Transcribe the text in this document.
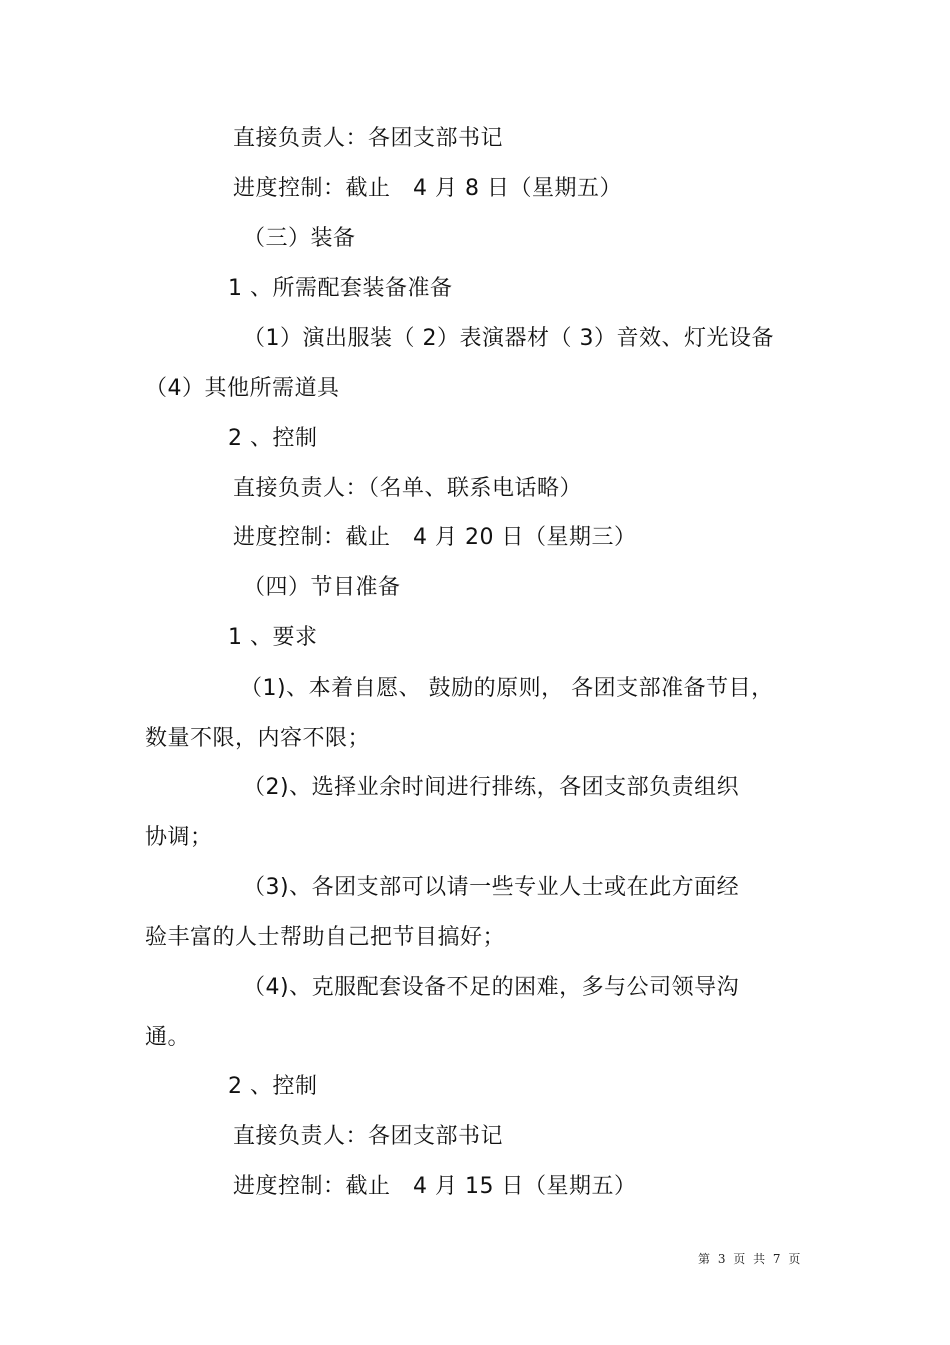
直接负责人：各团支部书记
进度控制：截止　4 月 8 日（星期五）
（三）装备
1 、所需配套装备准备
（1）演出服装（ 2）表演器材（ 3）音效、灯光设备
（4）其他所需道具
2 、控制
直接负责人：（名单、联系电话略）
进度控制：截止　4 月 20 日（星期三）
（四）节目准备
1 、要求
（1)、本着自愿、 鼓励的原则， 各团支部准备节目，
数量不限，内容不限；
（2)、选择业余时间进行排练，各团支部负责组织
协调；
（3)、各团支部可以请一些专业人士或在此方面经
验丰富的人士帮助自己把节目搞好；
（4)、克服配套设备不足的困难，多与公司领导沟
通。
2 、控制
直接负责人：各团支部书记
进度控制：截止　4 月 15 日（星期五）
第 3 页 共 7 页
